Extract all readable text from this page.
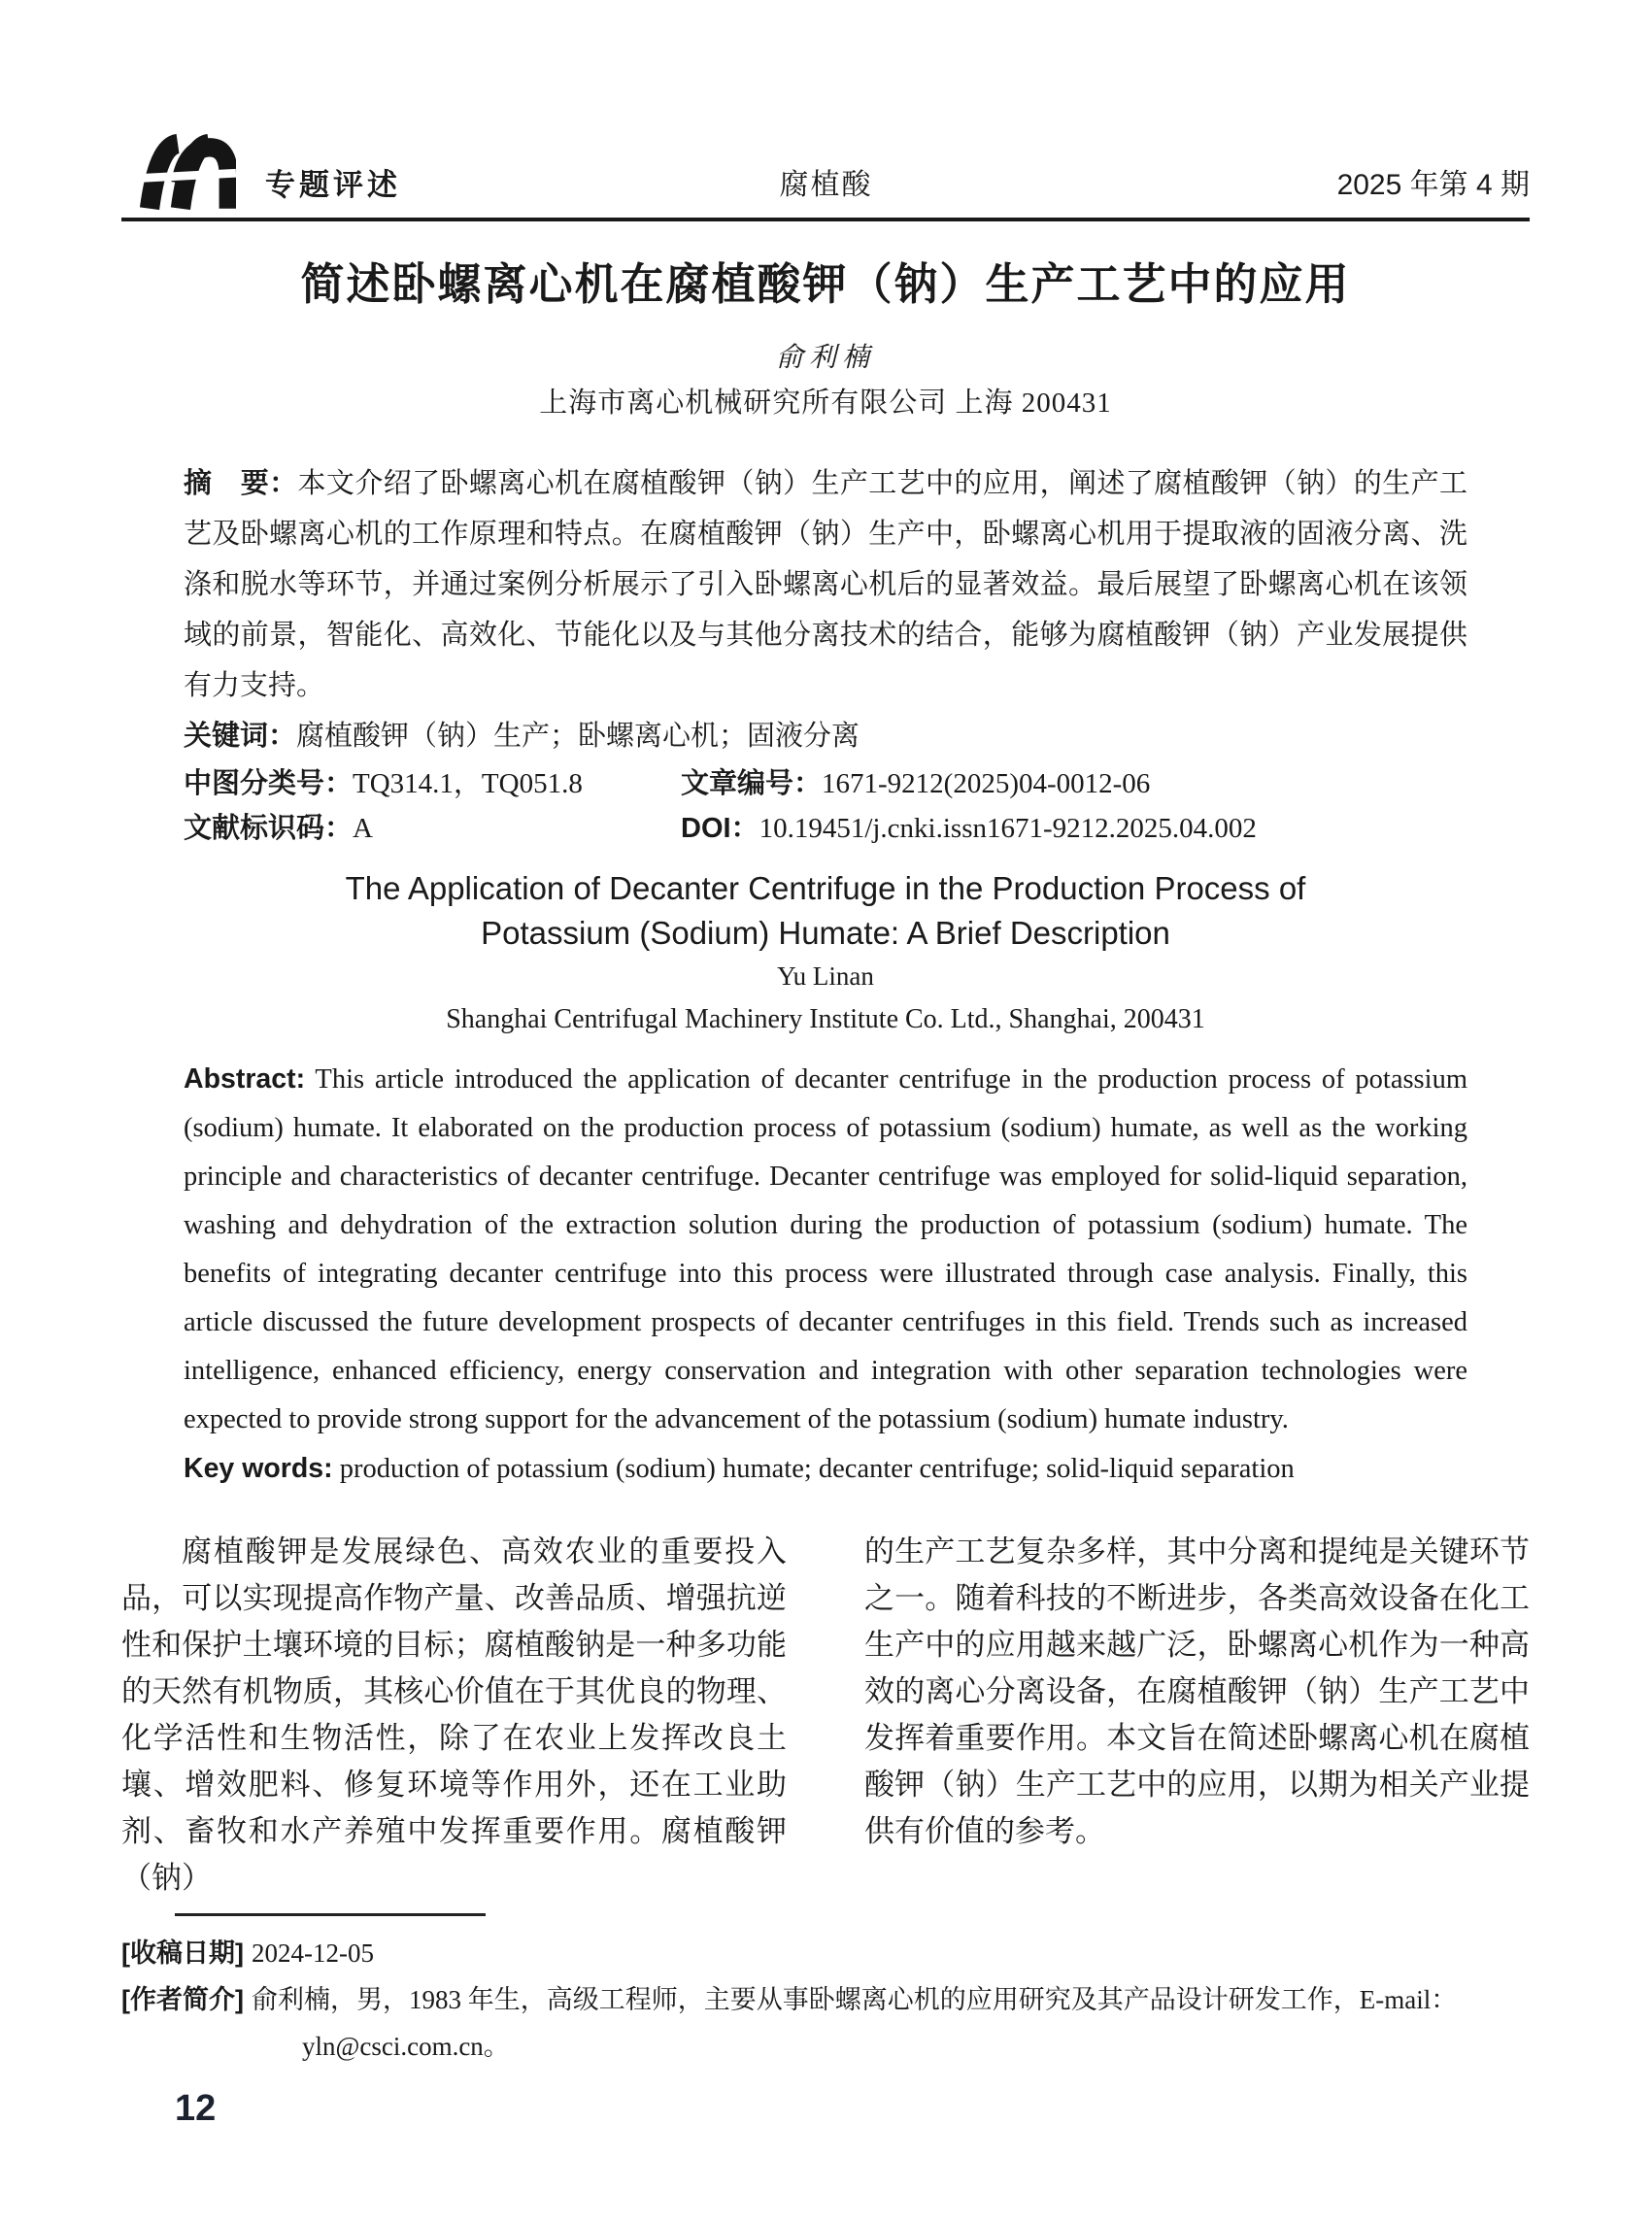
专题评述	腐植酸	2025 年第 4 期
简述卧螺离心机在腐植酸钾（钠）生产工艺中的应用
俞利楠
上海市离心机械研究所有限公司 上海 200431

摘　要：本文介绍了卧螺离心机在腐植酸钾（钠）生产工艺中的应用，阐述了腐植酸钾（钠）的生产工艺及卧螺离心机的工作原理和特点。在腐植酸钾（钠）生产中，卧螺离心机用于提取液的固液分离、洗涤和脱水等环节，并通过案例分析展示了引入卧螺离心机后的显著效益。最后展望了卧螺离心机在该领域的前景，智能化、高效化、节能化以及与其他分离技术的结合，能够为腐植酸钾（钠）产业发展提供有力支持。

关键词：腐植酸钾（钠）生产；卧螺离心机；固液分离

中图分类号：TQ314.1，TQ051.8	文章编号：1671-9212(2025)04-0012-06

文献标识码：A	DOI：10.19451/j.cnki.issn1671-9212.2025.04.002

The Application of Decanter Centrifuge in the Production Process of
Potassium (Sodium) Humate: A Brief Description
Yu Linan
Shanghai Centrifugal Machinery Institute Co. Ltd., Shanghai, 200431

Abstract: This article introduced the application of decanter centrifuge in the production process of potassium (sodium) humate. It elaborated on the production process of potassium (sodium) humate, as well as the working principle and characteristics of decanter centrifuge. Decanter centrifuge was employed for solid-liquid separation, washing and dehydration of the extraction solution during the production of potassium (sodium) humate. The benefits of integrating decanter centrifuge into this process were illustrated through case analysis. Finally, this article discussed the future development prospects of decanter centrifuges in this field. Trends such as increased intelligence, enhanced efficiency, energy conservation and integration with other separation technologies were expected to provide strong support for the advancement of the potassium (sodium) humate industry.

Key words: production of potassium (sodium) humate; decanter centrifuge; solid-liquid separation

腐植酸钾是发展绿色、高效农业的重要投入品，可以实现提高作物产量、改善品质、增强抗逆性和保护土壤环境的目标；腐植酸钠是一种多功能的天然有机物质，其核心价值在于其优良的物理、化学活性和生物活性，除了在农业上发挥改良土壤、增效肥料、修复环境等作用外，还在工业助剂、畜牧和水产养殖中发挥重要作用。腐植酸钾（钠）

的生产工艺复杂多样，其中分离和提纯是关键环节之一。随着科技的不断进步，各类高效设备在化工生产中的应用越来越广泛，卧螺离心机作为一种高效的离心分离设备，在腐植酸钾（钠）生产工艺中发挥着重要作用。本文旨在简述卧螺离心机在腐植酸钾（钠）生产工艺中的应用，以期为相关产业提供有价值的参考。

[收稿日期] 2024-12-05

[作者简介] 俞利楠，男，1983 年生，高级工程师，主要从事卧螺离心机的应用研究及其产品设计研发工作，E-mail：yln@csci.com.cn。

12
